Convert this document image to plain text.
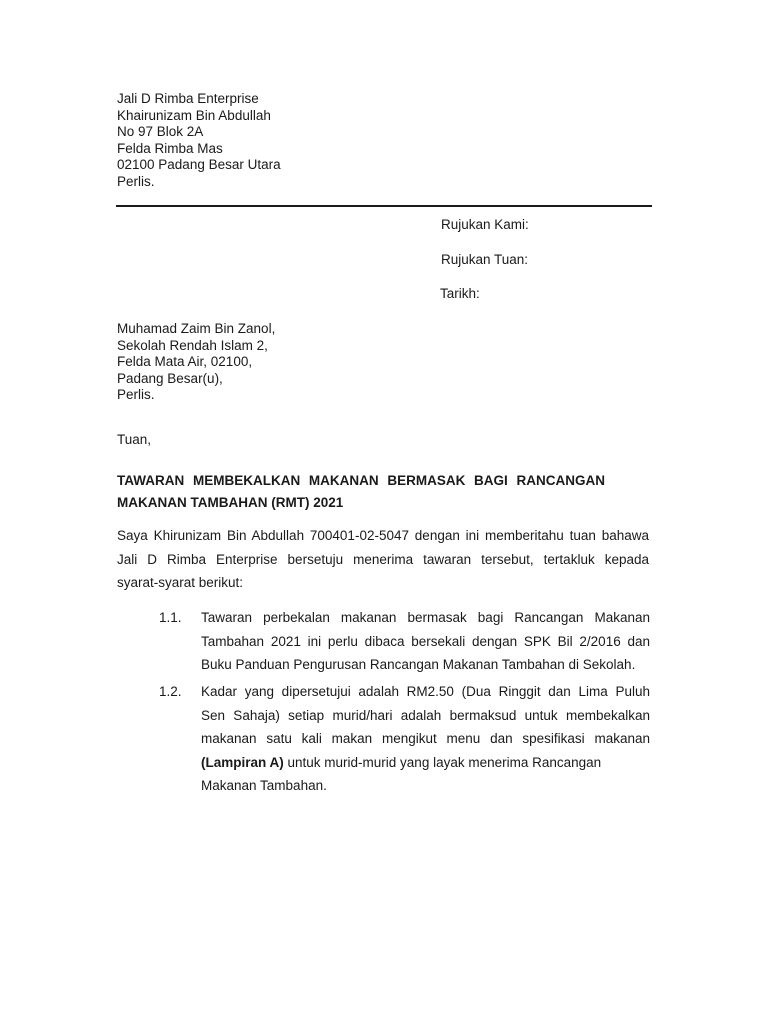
Jali D Rimba Enterprise
Khairunizam Bin Abdullah
No 97 Blok 2A
Felda Rimba Mas
02100 Padang Besar Utara
Perlis.
Rujukan Kami:
Rujukan Tuan:
Tarikh:
Muhamad Zaim Bin Zanol,
Sekolah Rendah Islam 2,
Felda Mata Air, 02100,
Padang Besar(u),
Perlis.
Tuan,
TAWARAN MEMBEKALKAN MAKANAN BERMASAK BAGI RANCANGAN
MAKANAN TAMBAHAN (RMT) 2021
Saya Khirunizam Bin Abdullah 700401-02-5047 dengan ini memberitahu tuan bahawa
Jali D Rimba Enterprise bersetuju menerima tawaran tersebut, tertakluk kepada
syarat-syarat berikut:
1.1. Tawaran perbekalan makanan bermasak bagi Rancangan Makanan
Tambahan 2021 ini perlu dibaca bersekali dengan SPK Bil 2/2016 dan
Buku Panduan Pengurusan Rancangan Makanan Tambahan di Sekolah.
1.2. Kadar yang dipersetujui adalah RM2.50 (Dua Ringgit dan Lima Puluh
Sen Sahaja) setiap murid/hari adalah bermaksud untuk membekalkan
makanan satu kali makan mengikut menu dan spesifikasi makanan
(Lampiran A) untuk murid-murid yang layak menerima Rancangan
Makanan Tambahan.
